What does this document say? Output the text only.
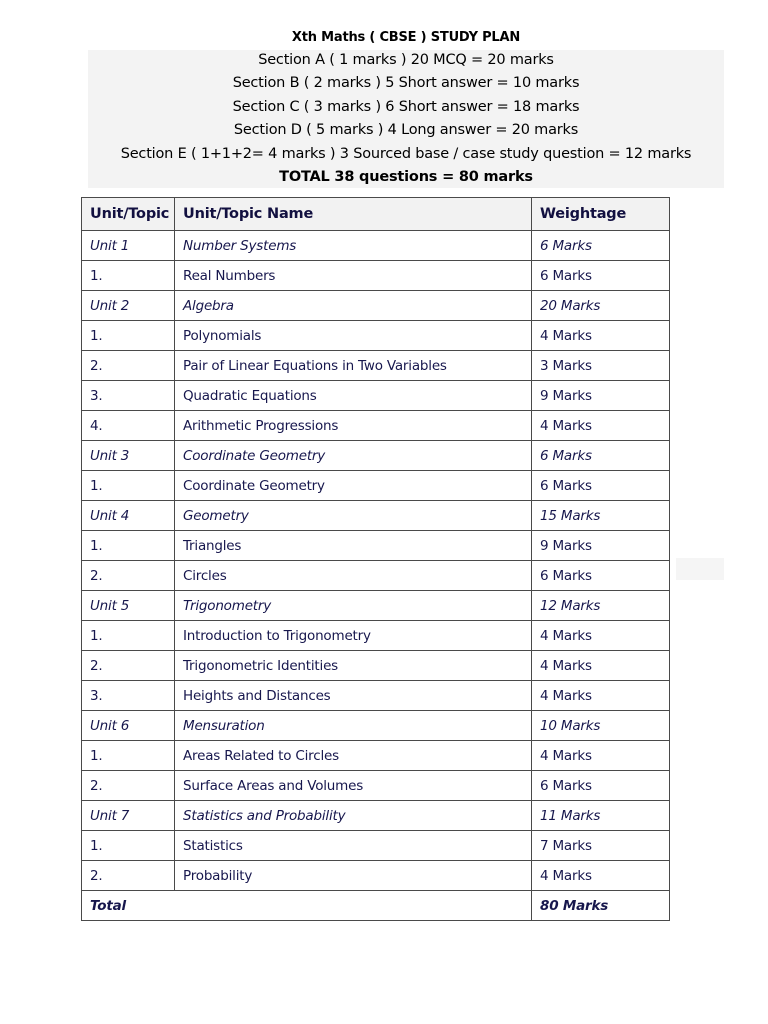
Xth Maths ( CBSE ) STUDY PLAN
Section A ( 1 marks ) 20 MCQ = 20 marks
Section B ( 2 marks ) 5 Short answer = 10 marks
Section C ( 3 marks ) 6 Short answer = 18 marks
Section D ( 5 marks ) 4 Long answer = 20 marks
Section E ( 1+1+2= 4 marks ) 3 Sourced base / case study question = 12 marks
TOTAL 38 questions = 80 marks
Unit/Topic	Unit/Topic Name	Weightage
Unit 1	Number Systems	6 Marks
1.	Real Numbers	6 Marks
Unit 2	Algebra	20 Marks
1.	Polynomials	4 Marks
2.	Pair of Linear Equations in Two Variables	3 Marks
3.	Quadratic Equations	9 Marks
4.	Arithmetic Progressions	4 Marks
Unit 3	Coordinate Geometry	6 Marks
1.	Coordinate Geometry	6 Marks
Unit 4	Geometry	15 Marks
1.	Triangles	9 Marks
2.	Circles	6 Marks
Unit 5	Trigonometry	12 Marks
1.	Introduction to Trigonometry	4 Marks
2.	Trigonometric Identities	4 Marks
3.	Heights and Distances	4 Marks
Unit 6	Mensuration	10 Marks
1.	Areas Related to Circles	4 Marks
2.	Surface Areas and Volumes	6 Marks
Unit 7	Statistics and Probability	11 Marks
1.	Statistics	7 Marks
2.	Probability	4 Marks
Total		80 Marks
